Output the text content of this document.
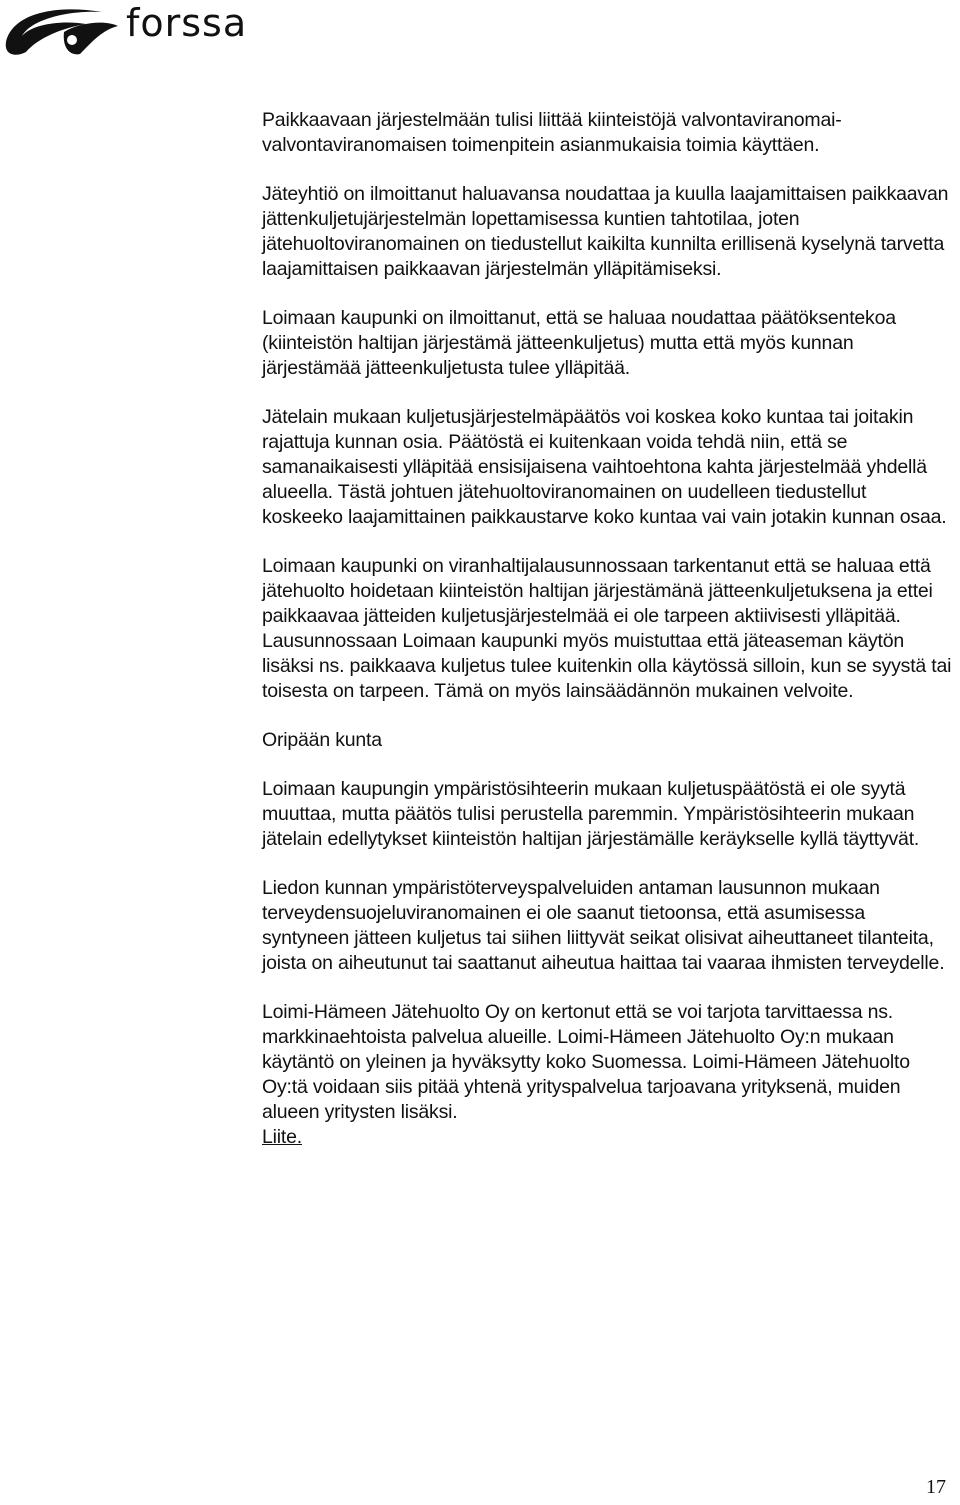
forssa

Paikkaavaan järjestelmään tulisi liittää kiinteistöjä valvontaviranomai-valvontaviranomaisen toimenpitein asianmukaisia toimia käyttäen.

Jäteyhtiö on ilmoittanut haluavansa noudattaa ja kuulla laajamittaisen paikkaavan jättenkuljetujärjestelmän lopettamisessa kuntien tahtotilaa, joten jätehuoltoviranomainen on tiedustellut kaikilta kunnilta erillisenä kyselynä tarvetta laajamittaisen paikkaavan järjestelmän ylläpitämiseksi.

Loimaan kaupunki on ilmoittanut, että se haluaa noudattaa päätöksentekoa (kiinteistön haltijan järjestämä jätteenkuljetus) mutta että myös kunnan järjestämää jätteenkuljetusta tulee ylläpitää.

Jätelain mukaan kuljetusjärjestelmäpäätös voi koskea koko kuntaa tai joitakin rajattuja kunnan osia. Päätöstä ei kuitenkaan voida tehdä niin, että se samanaikaisesti ylläpitää ensisijaisena vaihtoehtona kahta järjestelmää yhdellä alueella. Tästä johtuen jätehuoltoviranomainen on uudelleen tiedustellut koskeeko laajamittainen paikkaustarve koko kuntaa vai vain jotakin kunnan osaa.

Loimaan kaupunki on viranhaltijalausunnossaan tarkentanut että se haluaa että jätehuolto hoidetaan kiinteistön haltijan järjestämänä jätteenkuljetuksena ja ettei paikkaavaa jätteiden kuljetusjärjestelmää ei ole tarpeen aktiivisesti ylläpitää. Lausunnossaan Loimaan kaupunki myös muistuttaa että jäteaseman käytön lisäksi ns. paikkaava kuljetus tulee kuitenkin olla käytössä silloin, kun se syystä tai toisesta on tarpeen. Tämä on myös lainsäädännön mukainen velvoite.

Oripään kunta

Loimaan kaupungin ympäristösihteerin mukaan kuljetuspäätöstä ei ole syytä muuttaa, mutta päätös tulisi perustella paremmin. Ympäristösihteerin mukaan jätelain edellytykset kiinteistön haltijan järjestämälle keräykselle kyllä täyttyvät.

Liedon kunnan ympäristöterveyspalveluiden antaman lausunnon mukaan terveydensuojeluviranomainen ei ole saanut tietoonsa, että asumisessa syntyneen jätteen kuljetus tai siihen liittyvät seikat olisivat aiheuttaneet tilanteita, joista on aiheutunut tai saattanut aiheutua haittaa tai vaaraa ihmisten terveydelle.

Loimi-Hämeen Jätehuolto Oy on kertonut että se voi tarjota tarvittaessa ns. markkinaehtoista palvelua alueille. Loimi-Hämeen Jätehuolto Oy:n mukaan käytäntö on yleinen ja hyväksytty koko Suomessa. Loimi-Hämeen Jätehuolto Oy:tä voidaan siis pitää yhtenä yrityspalvelua tarjoavana yrityksenä, muiden alueen yritysten lisäksi.

Liite.
17
